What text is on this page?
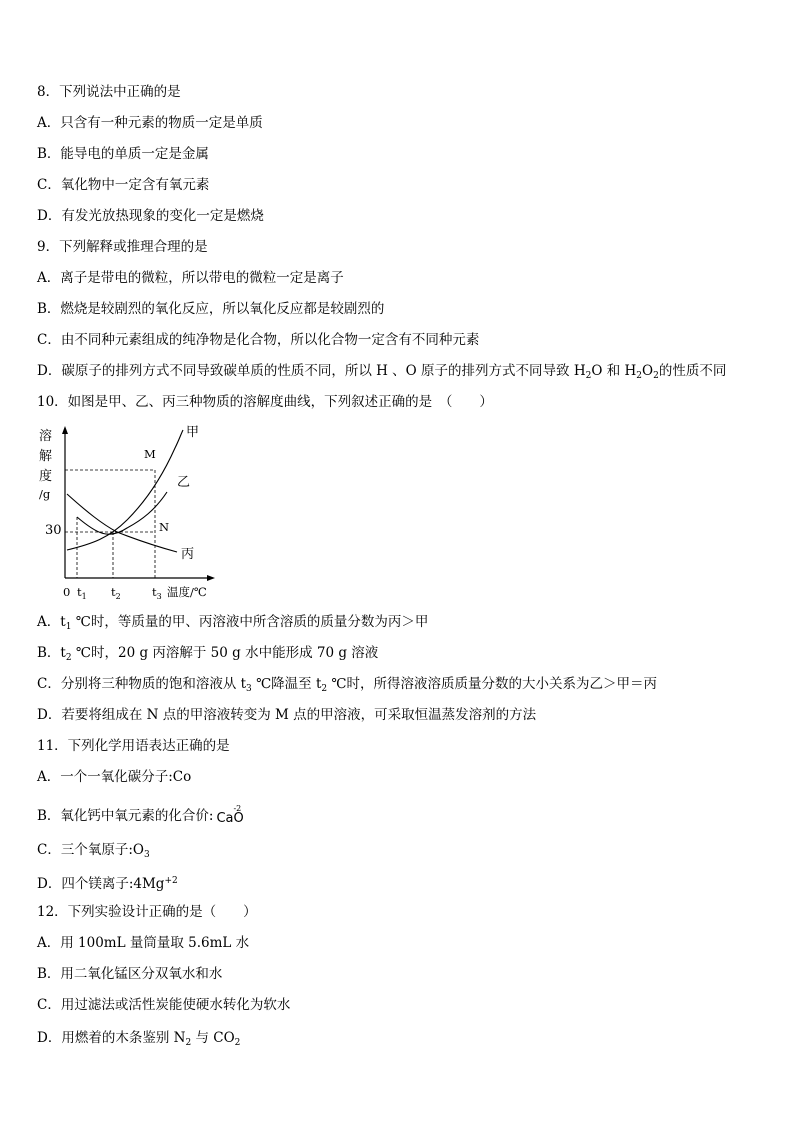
8．下列说法中正确的是
A．只含有一种元素的物质一定是单质
B．能导电的单质一定是金属
C．氧化物中一定含有氧元素
D．有发光放热现象的变化一定是燃烧
9．下列解释或推理合理的是
A．离子是带电的微粒，所以带电的微粒一定是离子
B．燃烧是较剧烈的氧化反应，所以氧化反应都是较剧烈的
C．由不同种元素组成的纯净物是化合物，所以化合物一定含有不同种元素
D．碳原子的排列方式不同导致碳单质的性质不同，所以 H 、O 原子的排列方式不同导致 $H_2O$ 和 $H_2O_2$的性质不同
10．如图是甲、乙、丙三种物质的溶解度曲线，下列叙述正确的是　（　　）
溶
解
度
/g
30
0 $t_1$ $t_2$	$t_3$ 温度/℃
甲
乙
丙
M
N
A．$t_1$ ℃时，等质量的甲、丙溶液中所含溶质的质量分数为丙＞甲
B．$t_2$ ℃时，20 g 丙溶解于 50 g 水中能形成 70 g 溶液
C．分别将三种物质的饱和溶液从 $t_3$ ℃降温至 $t_2$ ℃时，所得溶液溶质质量分数的大小关系为乙＞甲＝丙
D．若要将组成在 N 点的甲溶液转变为 M 点的甲溶液，可采取恒温蒸发溶剂的方法
11．下列化学用语表达正确的是
A．一个一氧化碳分子:Co
B．氧化钙中氧元素的化合价:	-2
CaO
C．三个氧原子$:O_3$
D．四个镁离子$:4Mg^{+2}$
12．下列实验设计正确的是（　　）
A．用 100mL 量筒量取 5.6mL 水
B．用二氧化锰区分双氧水和水
C．用过滤法或活性炭能使硬水转化为软水
D．用燃着的木条鉴别 $N_2$ 与 $CO_2$
